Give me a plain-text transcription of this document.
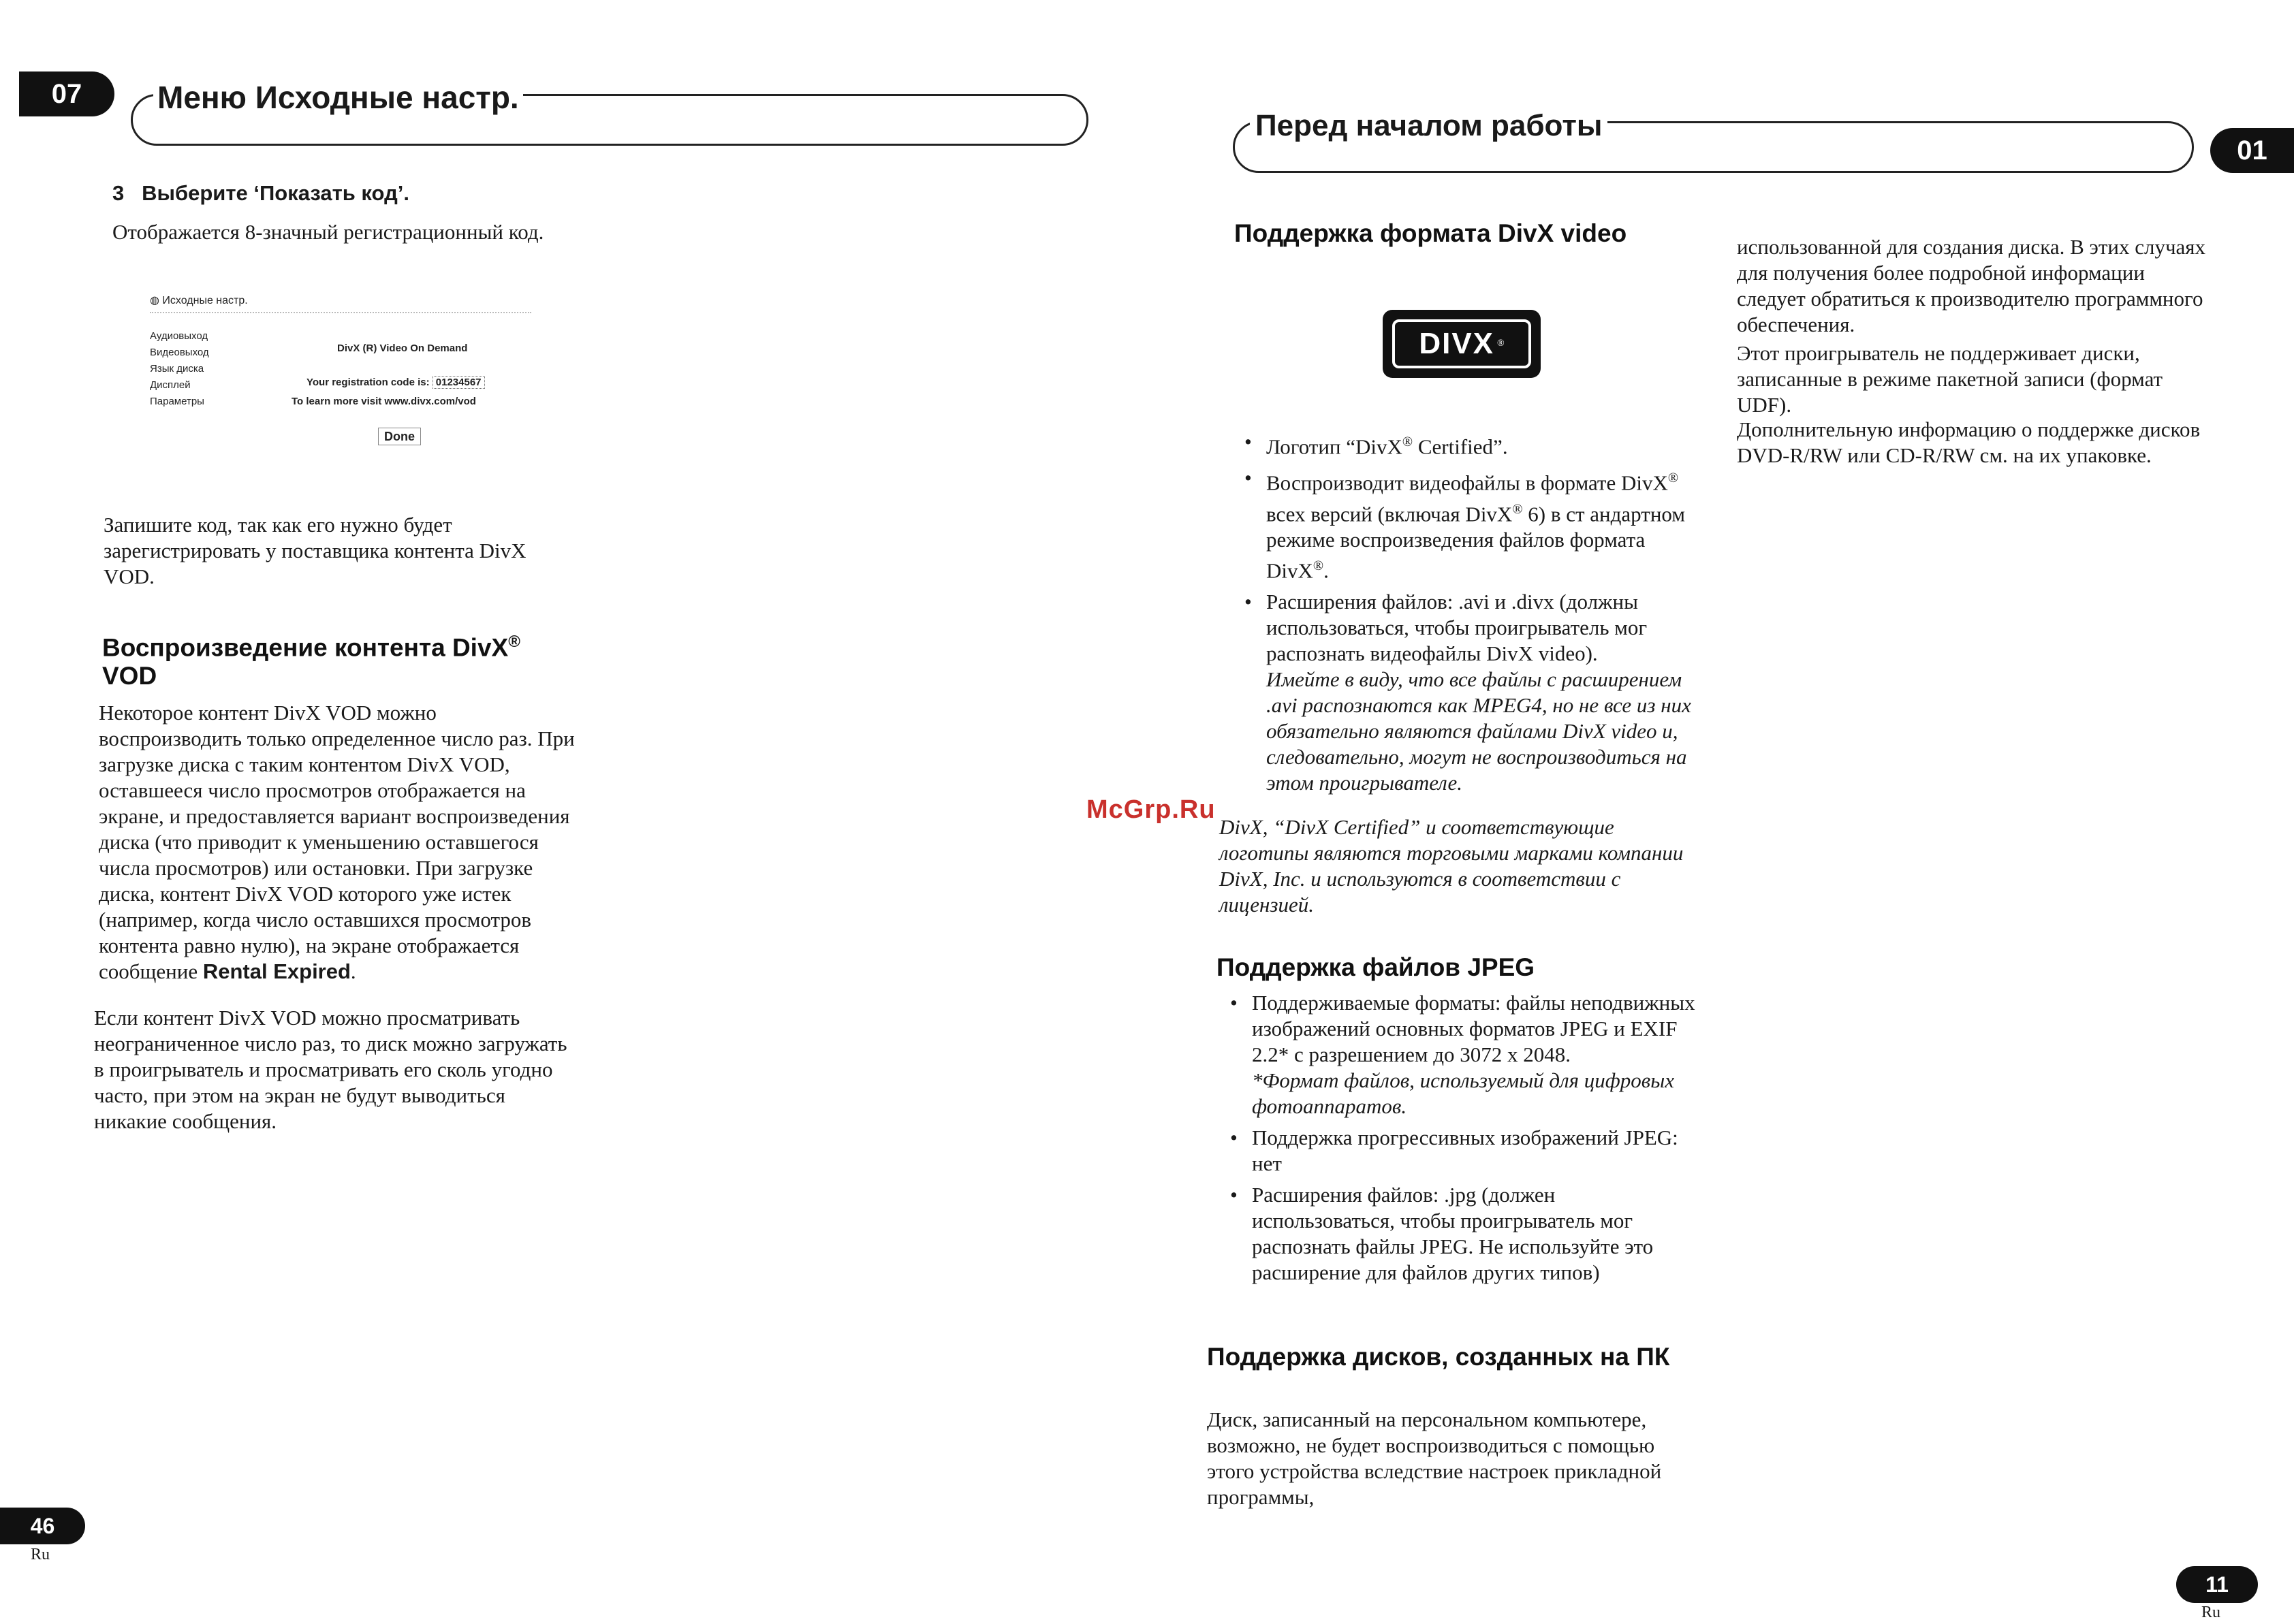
07	Меню Исходные настр.
3 Выберите ‘Показать код’.
Отображается 8-значный регистрационный код.
◍ Исходные настр.
Аудиовыход
Видеовыход
Язык диска
Дисплей
Параметры
DivX (R) Video On Demand
Your registration code is: 01234567
To learn more visit www.divx.com/vod
Done
Запишите код, так как его нужно будет зарегистрировать у поставщика контента DivX VOD.
Воспроизведение контента DivX®
VOD
Некоторое контент DivX VOD можно воспроизводить только определенное число раз. При загрузке диска с таким контентом DivX VOD, оставшееся число просмотров отображается на экране, и предоставляется вариант воспроизведения диска (что приводит к уменьшению оставшегося числа просмотров) или остановки. При загрузке диска, контент DivX VOD которого уже истек (например, когда число оставшихся просмотров контента равно нулю), на экране отображается сообщение Rental Expired.
Если контент DivX VOD можно просматривать неограниченное число раз, то диск можно загружать в проигрыватель и просматривать его сколь угодно часто, при этом на экран не будут выводиться никакие сообщения.
46
Ru
McGrp.Ru
Перед началом работы
01
Поддержка формата DivX video
DIVX ®
• Логотип “DivX® Certified”.
• Воспроизводит видеофайлы в формате DivX® всех версий (включая DivX® 6) в ст андартном режиме воспроизведения файлов формата DivX®.
• Расширения файлов: .avi и .divx (должны использоваться, чтобы проигрыватель мог распознать видеофайлы DivX video).
Имейте в виду, что все файлы с расширением .avi распознаются как MPEG4, но не все из них обязательно являются файлами DivX video и, следовательно, могут не воспроизводиться на этом проигрывателе.
DivX, “DivX Certified” и соответствующие логотипы являются торговыми марками компании DivX, Inc. и используются в соответствии с лицензией.
Поддержка файлов JPEG
• Поддерживаемые форматы: файлы неподвижных изображений основных форматов JPEG и EXIF 2.2* с разрешением до 3072 x 2048.
*Формат файлов, используемый для цифровых фотоаппаратов.
• Поддержка прогрессивных изображений JPEG: нет
• Расширения файлов: .jpg (должен использоваться, чтобы проигрыватель мог распознать файлы JPEG. Не используйте это расширение для файлов других типов)
Поддержка дисков, созданных на ПК
Диск, записанный на персональном компьютере, возможно, не будет воспроизводиться с помощью этого устройства вследствие настроек прикладной программы,
использованной для создания диска. В этих случаях для получения более подробной информации следует обратиться к производителю программного обеспечения.
Этот проигрыватель не поддерживает диски, записанные в режиме пакетной записи (формат UDF).
Дополнительную информацию о поддержке дисков DVD-R/RW или CD-R/RW см. на их упаковке.
11
Ru
